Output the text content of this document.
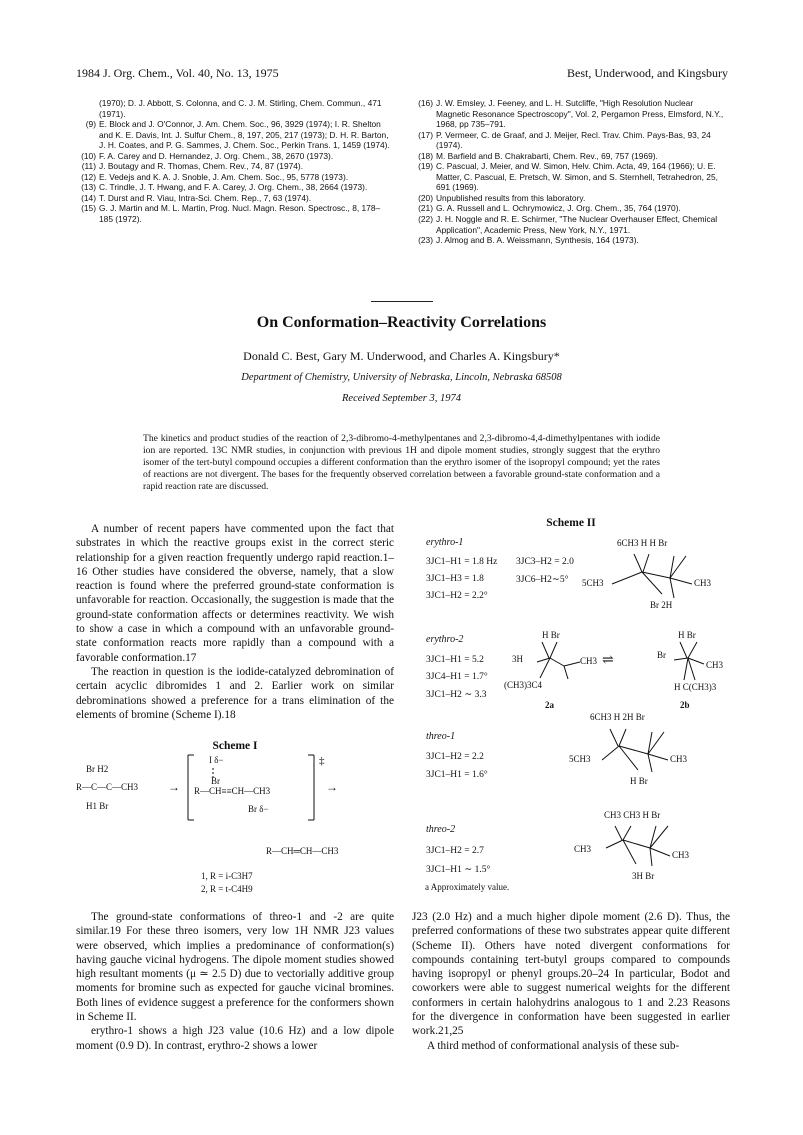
1984 J. Org. Chem., Vol. 40, No. 13, 1975	Best, Underwood, and Kingsbury
(1970); D. J. Abbott, S. Colonna, and C. J. M. Stirling, Chem. Commun., 471 (1971).
(9) E. Block and J. O'Connor, J. Am. Chem. Soc., 96, 3929 (1974); I. R. Shelton and K. E. Davis, Int. J. Sulfur Chem., 8, 197, 205, 217 (1973); D. H. R. Barton, J. H. Coates, and P. G. Sammes, J. Chem. Soc., Perkin Trans. 1, 1459 (1974).
(10) F. A. Carey and D. Hernandez, J. Org. Chem., 38, 2670 (1973).
(11) J. Boutagy and R. Thomas, Chem. Rev., 74, 87 (1974).
(12) E. Vedejs and K. A. J. Snoble, J. Am. Chem. Soc., 95, 5778 (1973).
(13) C. Trindle, J. T. Hwang, and F. A. Carey, J. Org. Chem., 38, 2664 (1973).
(14) T. Durst and R. Viau, Intra-Sci. Chem. Rep., 7, 63 (1974).
(15) G. J. Martin and M. L. Martin, Prog. Nucl. Magn. Reson. Spectrosc., 8, 178–185 (1972).
(16) J. W. Emsley, J. Feeney, and L. H. Sutcliffe, "High Resolution Nuclear Magnetic Resonance Spectroscopy", Vol. 2, Pergamon Press, Elmsford, N.Y., 1968, pp 735–791.
(17) P. Vermeer, C. de Graaf, and J. Meijer, Recl. Trav. Chim. Pays-Bas, 93, 24 (1974).
(18) M. Barfield and B. Chakrabarti, Chem. Rev., 69, 757 (1969).
(19) C. Pascual, J. Meier, and W. Simon, Helv. Chim. Acta, 49, 164 (1966); U. E. Matter, C. Pascual, E. Pretsch, W. Simon, and S. Sternhell, Tetrahedron, 25, 691 (1969).
(20) Unpublished results from this laboratory.
(21) G. A. Russell and L. Ochrymowicz, J. Org. Chem., 35, 764 (1970).
(22) J. H. Noggle and R. E. Schirmer, "The Nuclear Overhauser Effect, Chemical Application", Academic Press, New York, N.Y., 1971.
(23) J. Almog and B. A. Weissmann, Synthesis, 164 (1973).
On Conformation–Reactivity Correlations
Donald C. Best, Gary M. Underwood, and Charles A. Kingsbury*
Department of Chemistry, University of Nebraska, Lincoln, Nebraska 68508
Received September 3, 1974
The kinetics and product studies of the reaction of 2,3-dibromo-4-methylpentanes and 2,3-dibromo-4,4-dimethylpentanes with iodide ion are reported. 13C NMR studies, in conjunction with previous 1H and dipole moment studies, strongly suggest that the erythro isomer of the tert-butyl compound occupies a different conformation than the erythro isomer of the isopropyl compound; yet the rates of reactions are not divergent. The bases for the frequently observed correlation between a favorable ground-state conformation and a rapid reaction rate are discussed.

A number of recent papers have commented upon the fact that substrates in which the reactive groups exist in the correct steric relationship for a given reaction frequently undergo rapid reaction.1–16 Other studies have considered the obverse, namely, that a slow reaction is found where the preferred ground-state conformation is unfavorable for reaction. Occasionally, the suggestion is made that the ground-state conformation affects or determines reactivity. We wish to show a case in which a compound with an unfavorable ground-state conformation reacts more rapidly than a compound with a favorable conformation.17

The reaction in question is the iodide-catalyzed debromination of certain acyclic dibromides 1 and 2. Earlier work on similar debrominations showed a preference for a trans elimination of the elements of bromine (Scheme I).18

The ground-state conformations of threo-1 and -2 are quite similar.19 For these threo isomers, very low 1H NMR J23 values were observed, which implies a predominance of conformation(s) having gauche vicinal hydrogens. The dipole moment studies showed high resultant moments (μ ≃ 2.5 D) due to vectorially additive group moments for bromine such as expected for gauche vicinal bromines. Both lines of evidence suggest a preference for the conformers shown in Scheme II.

erythro-1 shows a high J23 value (10.6 Hz) and a low dipole moment (0.9 D). In contrast, erythro-2 shows a lower

J23 (2.0 Hz) and a much higher dipole moment (2.6 D). Thus, the preferred conformations of these two substrates appear quite different (Scheme II). Others have noted divergent conformations for compounds containing tert-butyl groups compared to compounds having isopropyl or phenyl groups.20–24 In particular, Bodot and coworkers were able to suggest numerical weights for the different conformers in certain halohydrins analogous to 1 and 2.23 Reasons for the divergence in conformation have been suggested in earlier work.21,25

A third method of conformational analysis of these sub-

Scheme I
Br H2
R—C—C—CH3
H1 Br
→
I δ−
Br
R—CH≡≡CH—CH3
Br δ−
‡
→
R—CH═CH—CH3
1, R = i-C3H7
2, R = t-C4H9
Scheme II
erythro-1
3JC1–H1 = 1.8 Hz 3JC3–H2 = 2.0
3JC1–H3 = 1.8	3JC6–H2∼5°
3JC1–H2 = 2.2°
6CH3 H H Br
5CH3	CH3
Br 2H
erythro-2
3JC1–H1 = 5.2
3JC4–H1 = 1.7°
3JC1–H2 ∼ 3.3
H Br
3H	CH3
(CH3)3C4
⇌
H Br
Br
CH3
H C(CH3)3
2a	2b
threo-1
3JC1–H2 = 2.2
3JC1–H1 = 1.6°
6CH3 H 2H Br
5CH3	CH3
H Br
threo-2
3JC1–H2 = 2.7
3JC1–H1 ∼ 1.5°
CH3 CH3 H Br
CH3
CH3
3H Br
a Approximately value.
